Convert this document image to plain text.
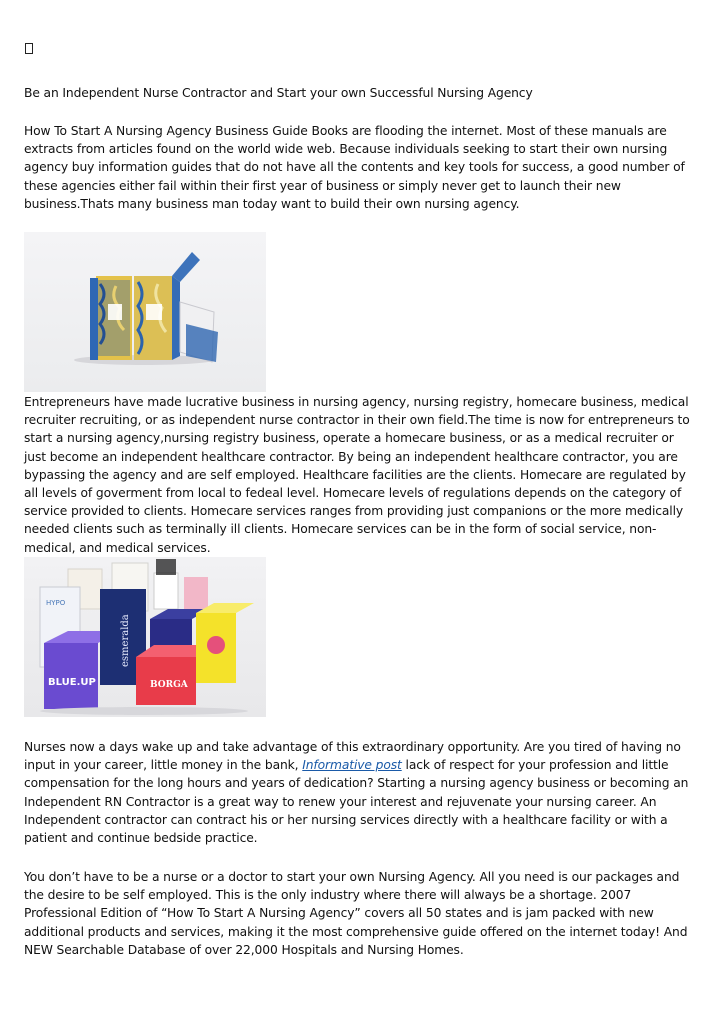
Be an Independent Nurse Contractor and Start your own Successful Nursing Agency

How To Start A Nursing Agency Business Guide Books are flooding the internet. Most of these manuals are extracts from articles found on the world wide web. Because individuals seeking to start their own nursing agency buy information guides that do not have all the contents and key tools for success, a good number of these agencies either fail within their first year of business or simply never get to launch their new business.Thats many business man today want to build their own nursing agency.

Entrepreneurs have made lucrative business in nursing agency, nursing registry, homecare business, medical recruiter recruiting, or as independent nurse contractor in their own field.The time is now for entrepreneurs to start a nursing agency,nursing registry business, operate a homecare business, or as a medical recruiter or just become an independent healthcare contractor. By being an independent healthcare contractor, you are bypassing the agency and are self employed. Healthcare facilities are the clients. Homecare are regulated by all levels of goverment from local to fedeal level. Homecare levels of regulations depends on the category of service provided to clients. Homecare services ranges from providing just companions or the more medically needed clients such as terminally ill clients. Homecare services can be in the form of social service, non-medical, and medical services.

HYPO
BLUE.UP
esmeralda
BORGA

Nurses now a days wake up and take advantage of this extraordinary opportunity. Are you tired of having no input in your career, little money in the bank, Informative post lack of respect for your profession and little compensation for the long hours and years of dedication? Starting a nursing agency business or becoming an Independent RN Contractor is a great way to renew your interest and rejuvenate your nursing career. An Independent contractor can contract his or her nursing services directly with a healthcare facility or with a patient and continue bedside practice.

You don’t have to be a nurse or a doctor to start your own Nursing Agency. All you need is our packages and the desire to be self employed. This is the only industry where there will always be a shortage. 2007 Professional Edition of “How To Start A Nursing Agency” covers all 50 states and is jam packed with new additional products and services, making it the most comprehensive guide offered on the internet today! And NEW Searchable Database of over 22,000 Hospitals and Nursing Homes.
